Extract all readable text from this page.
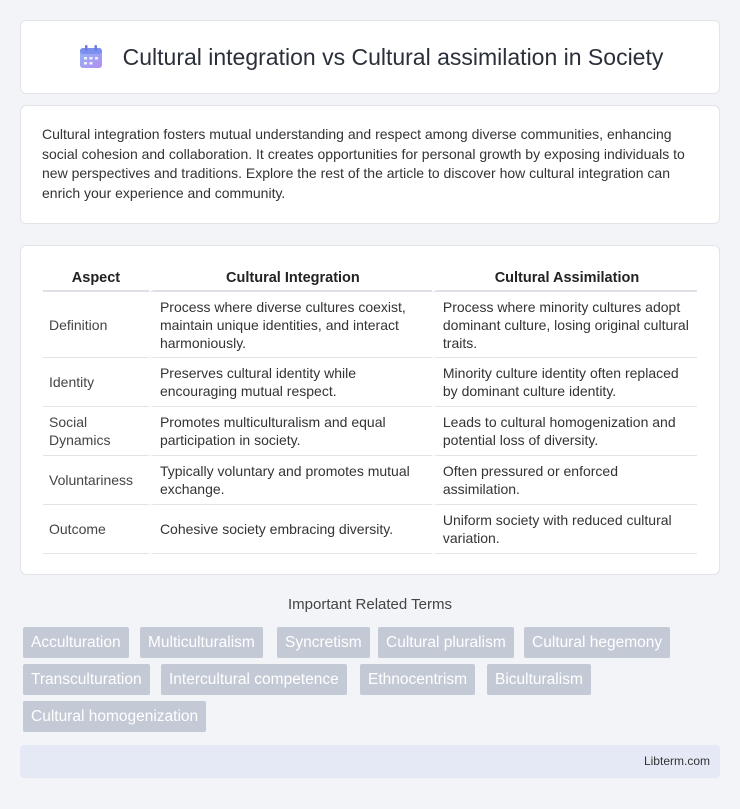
Cultural integration vs Cultural assimilation in Society

Cultural integration fosters mutual understanding and respect among diverse communities, enhancing social cohesion and collaboration. It creates opportunities for personal growth by exposing individuals to new perspectives and traditions. Explore the rest of the article to discover how cultural integration can enrich your experience and community.

Aspect	Cultural Integration	Cultural Assimilation
Definition	Process where diverse cultures coexist, maintain unique identities, and interact harmoniously.	Process where minority cultures adopt dominant culture, losing original cultural traits.
Identity	Preserves cultural identity while encouraging mutual respect.	Minority culture identity often replaced by dominant culture identity.
Social Dynamics	Promotes multiculturalism and equal participation in society.	Leads to cultural homogenization and potential loss of diversity.
Voluntariness	Typically voluntary and promotes mutual exchange.	Often pressured or enforced assimilation.
Outcome	Cohesive society embracing diversity.	Uniform society with reduced cultural variation.
Important Related Terms
Acculturation	Multiculturalism	Syncretism	Cultural pluralism	Cultural hegemony
Transculturation	Intercultural competence	Ethnocentrism	Biculturalism
Cultural homogenization
Libterm.com
